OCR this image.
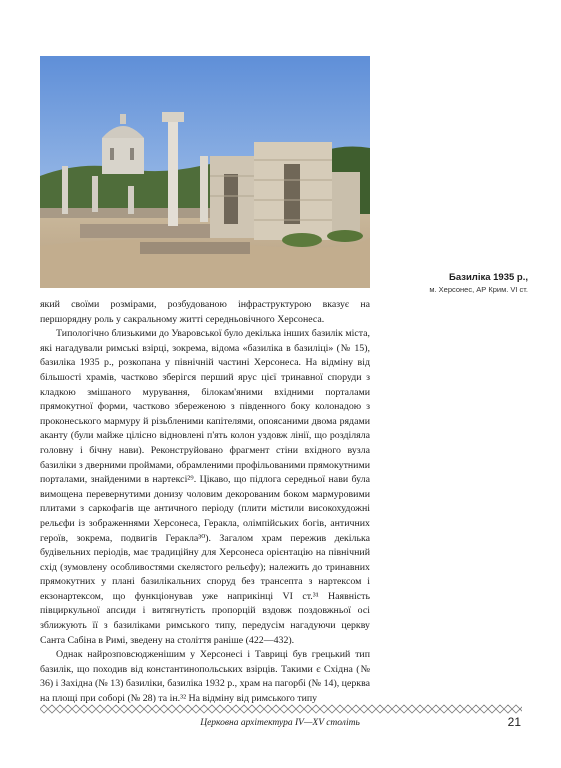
Базиліка 1935 р.,
м. Херсонес, АР Крим. VI ст.

який своїми розмірами, розбудованою інфраструктурою вказує на першорядну роль у сакральному житті середньовічного Херсонеса.

Типологічно близькими до Уваровської було декілька інших базилік міста, які нагадували римські взірці, зокрема, відома «базиліка в базиліці» (№ 15), базиліка 1935 р., розкопана у північній частині Херсонеса. На відміну від більшості храмів, частково зберігся перший ярус цієї тринавної споруди з кладкою змішаного мурування, білокам'яними вхідними порталами прямокутної форми, частково збереженою з південного боку колонадою з проконеського мармуру й різьбленими капітелями, опоясаними двома рядами аканту (були майже цілісно відновлені п'ять колон уздовж лінії, що розділяла головну і бічну нави). Реконструйовано фрагмент стіни вхідного вузла базиліки з дверними проймами, обрамленими профільованими прямокутними порталами, знайденими в нартексі²⁹. Цікаво, що підлога середньої нави була вимощена перевернутими донизу чоловим декорованим боком мармуровими плитами з саркофагів ще античного періоду (плити містили високохудожні рельєфи із зображеннями Херсонеса, Геракла, олімпійських богів, античних героїв, зокрема, подвигів Геракла³⁰). Загалом храм пережив декілька будівельних періодів, має традиційну для Херсонеса орієнтацію на північний схід (зумовлену особливостями скелястого рельєфу); належить до тринавних прямокутних у плані базилікальних споруд без трансепта з нартексом і екзонартексом, що функціонував уже наприкінці VI ст.³¹ Наявність півциркульної апсиди і витягнутість пропорцій вздовж поздовжньої осі зближують її з базиліками римського типу, передусім нагадуючи церкву Санта Сабіна в Римі, зведену на століття раніше (422—432).

Однак найрозповсюдженішим у Херсонесі і Тавриці був грецький тип базилік, що походив від константинопольських взірців. Такими є Східна (№ 36) і Західна (№ 13) базиліки, базиліка 1932 р., храм на пагорбі (№ 14), церква на площі при соборі (№ 28) та ін.³² На відміну від римського типу

Церковна архітектура IV—XV століть	21
